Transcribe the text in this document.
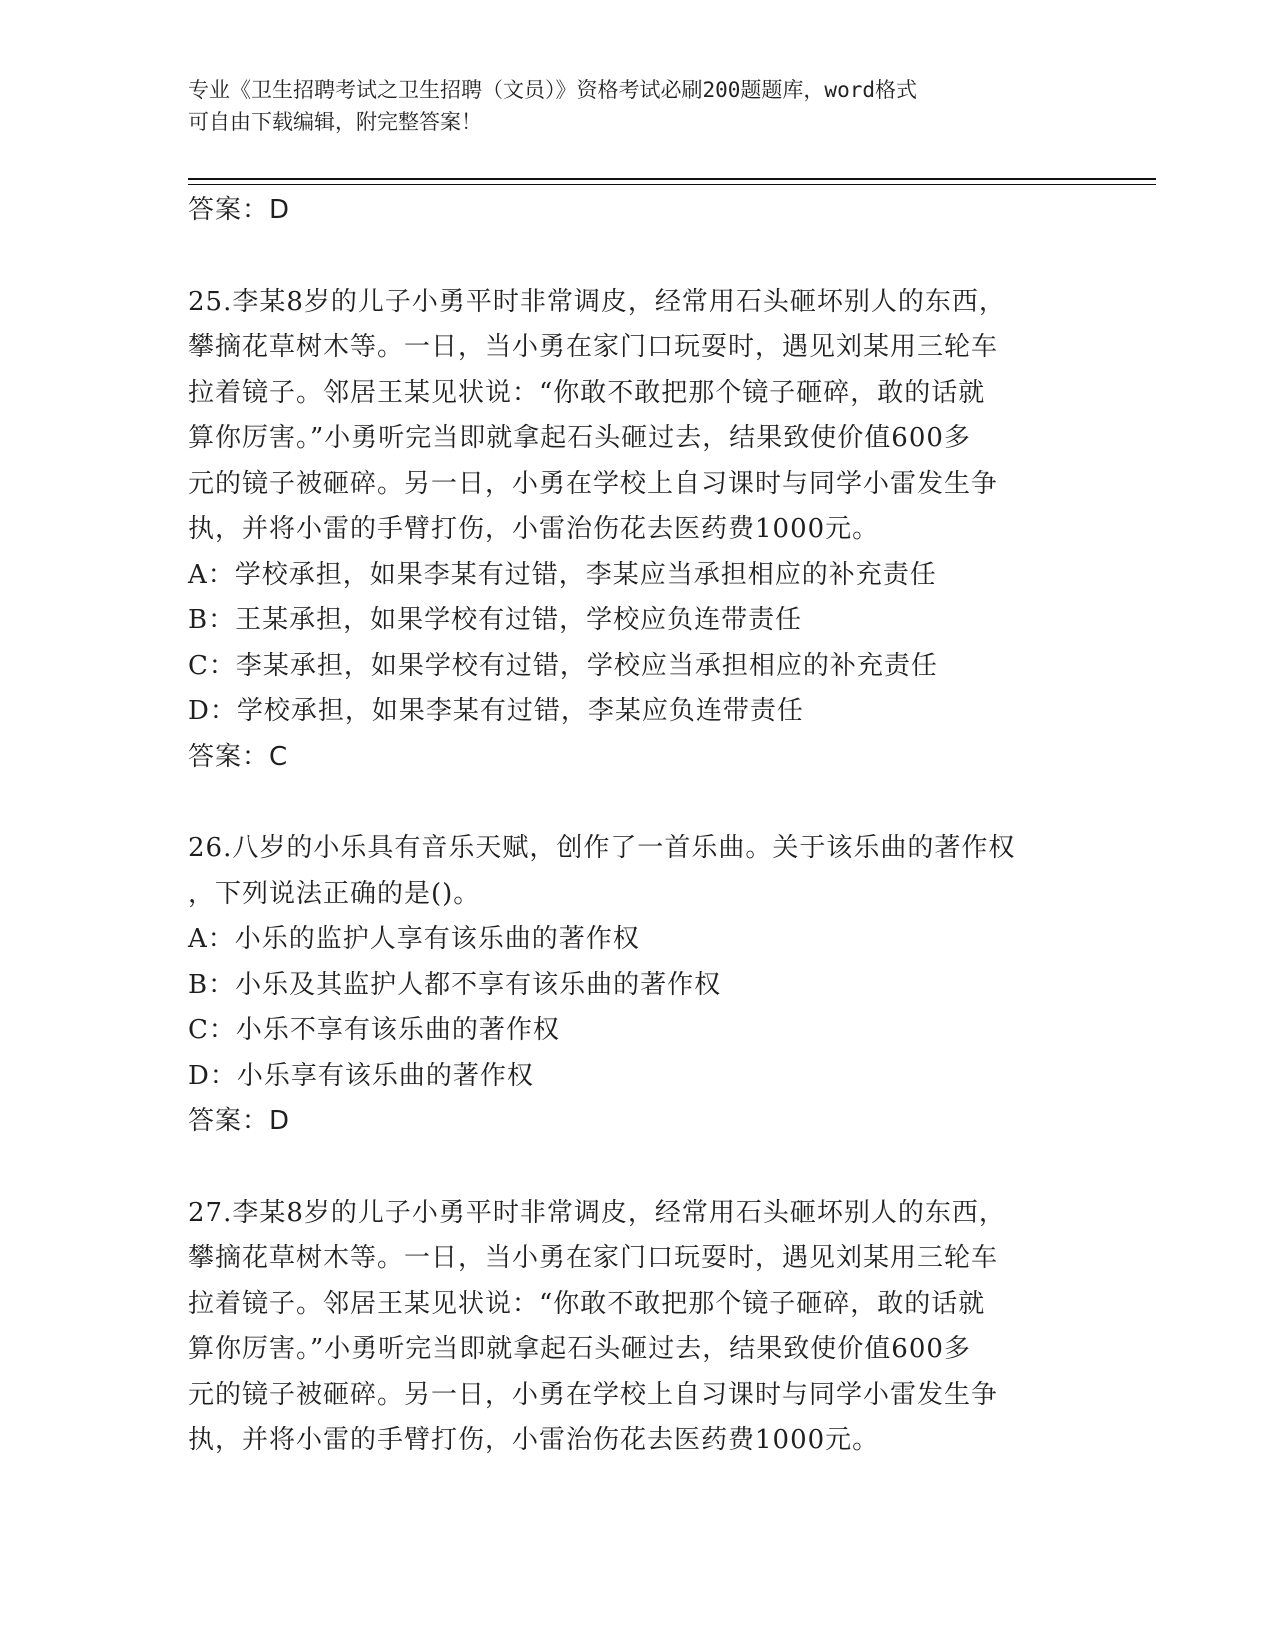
专业《卫生招聘考试之卫生招聘（文员）》资格考试必刷200题题库，word格式
可自由下载编辑，附完整答案！
答案：D
25.李某8岁的儿子小勇平时非常调皮，经常用石头砸坏别人的东西，
攀摘花草树木等。一日，当小勇在家门口玩耍时，遇见刘某用三轮车
拉着镜子。邻居王某见状说：“你敢不敢把那个镜子砸碎，敢的话就
算你厉害。”小勇听完当即就拿起石头砸过去，结果致使价值600多
元的镜子被砸碎。另一日，小勇在学校上自习课时与同学小雷发生争
执，并将小雷的手臂打伤，小雷治伤花去医药费1000元。
A：学校承担，如果李某有过错，李某应当承担相应的补充责任
B：王某承担，如果学校有过错，学校应负连带责任
C：李某承担，如果学校有过错，学校应当承担相应的补充责任
D：学校承担，如果李某有过错，李某应负连带责任
答案：C
26.八岁的小乐具有音乐天赋，创作了一首乐曲。关于该乐曲的著作权
，下列说法正确的是()。
A：小乐的监护人享有该乐曲的著作权
B：小乐及其监护人都不享有该乐曲的著作权
C：小乐不享有该乐曲的著作权
D：小乐享有该乐曲的著作权
答案：D
27.李某8岁的儿子小勇平时非常调皮，经常用石头砸坏别人的东西，
攀摘花草树木等。一日，当小勇在家门口玩耍时，遇见刘某用三轮车
拉着镜子。邻居王某见状说：“你敢不敢把那个镜子砸碎，敢的话就
算你厉害。”小勇听完当即就拿起石头砸过去，结果致使价值600多
元的镜子被砸碎。另一日，小勇在学校上自习课时与同学小雷发生争
执，并将小雷的手臂打伤，小雷治伤花去医药费1000元。
